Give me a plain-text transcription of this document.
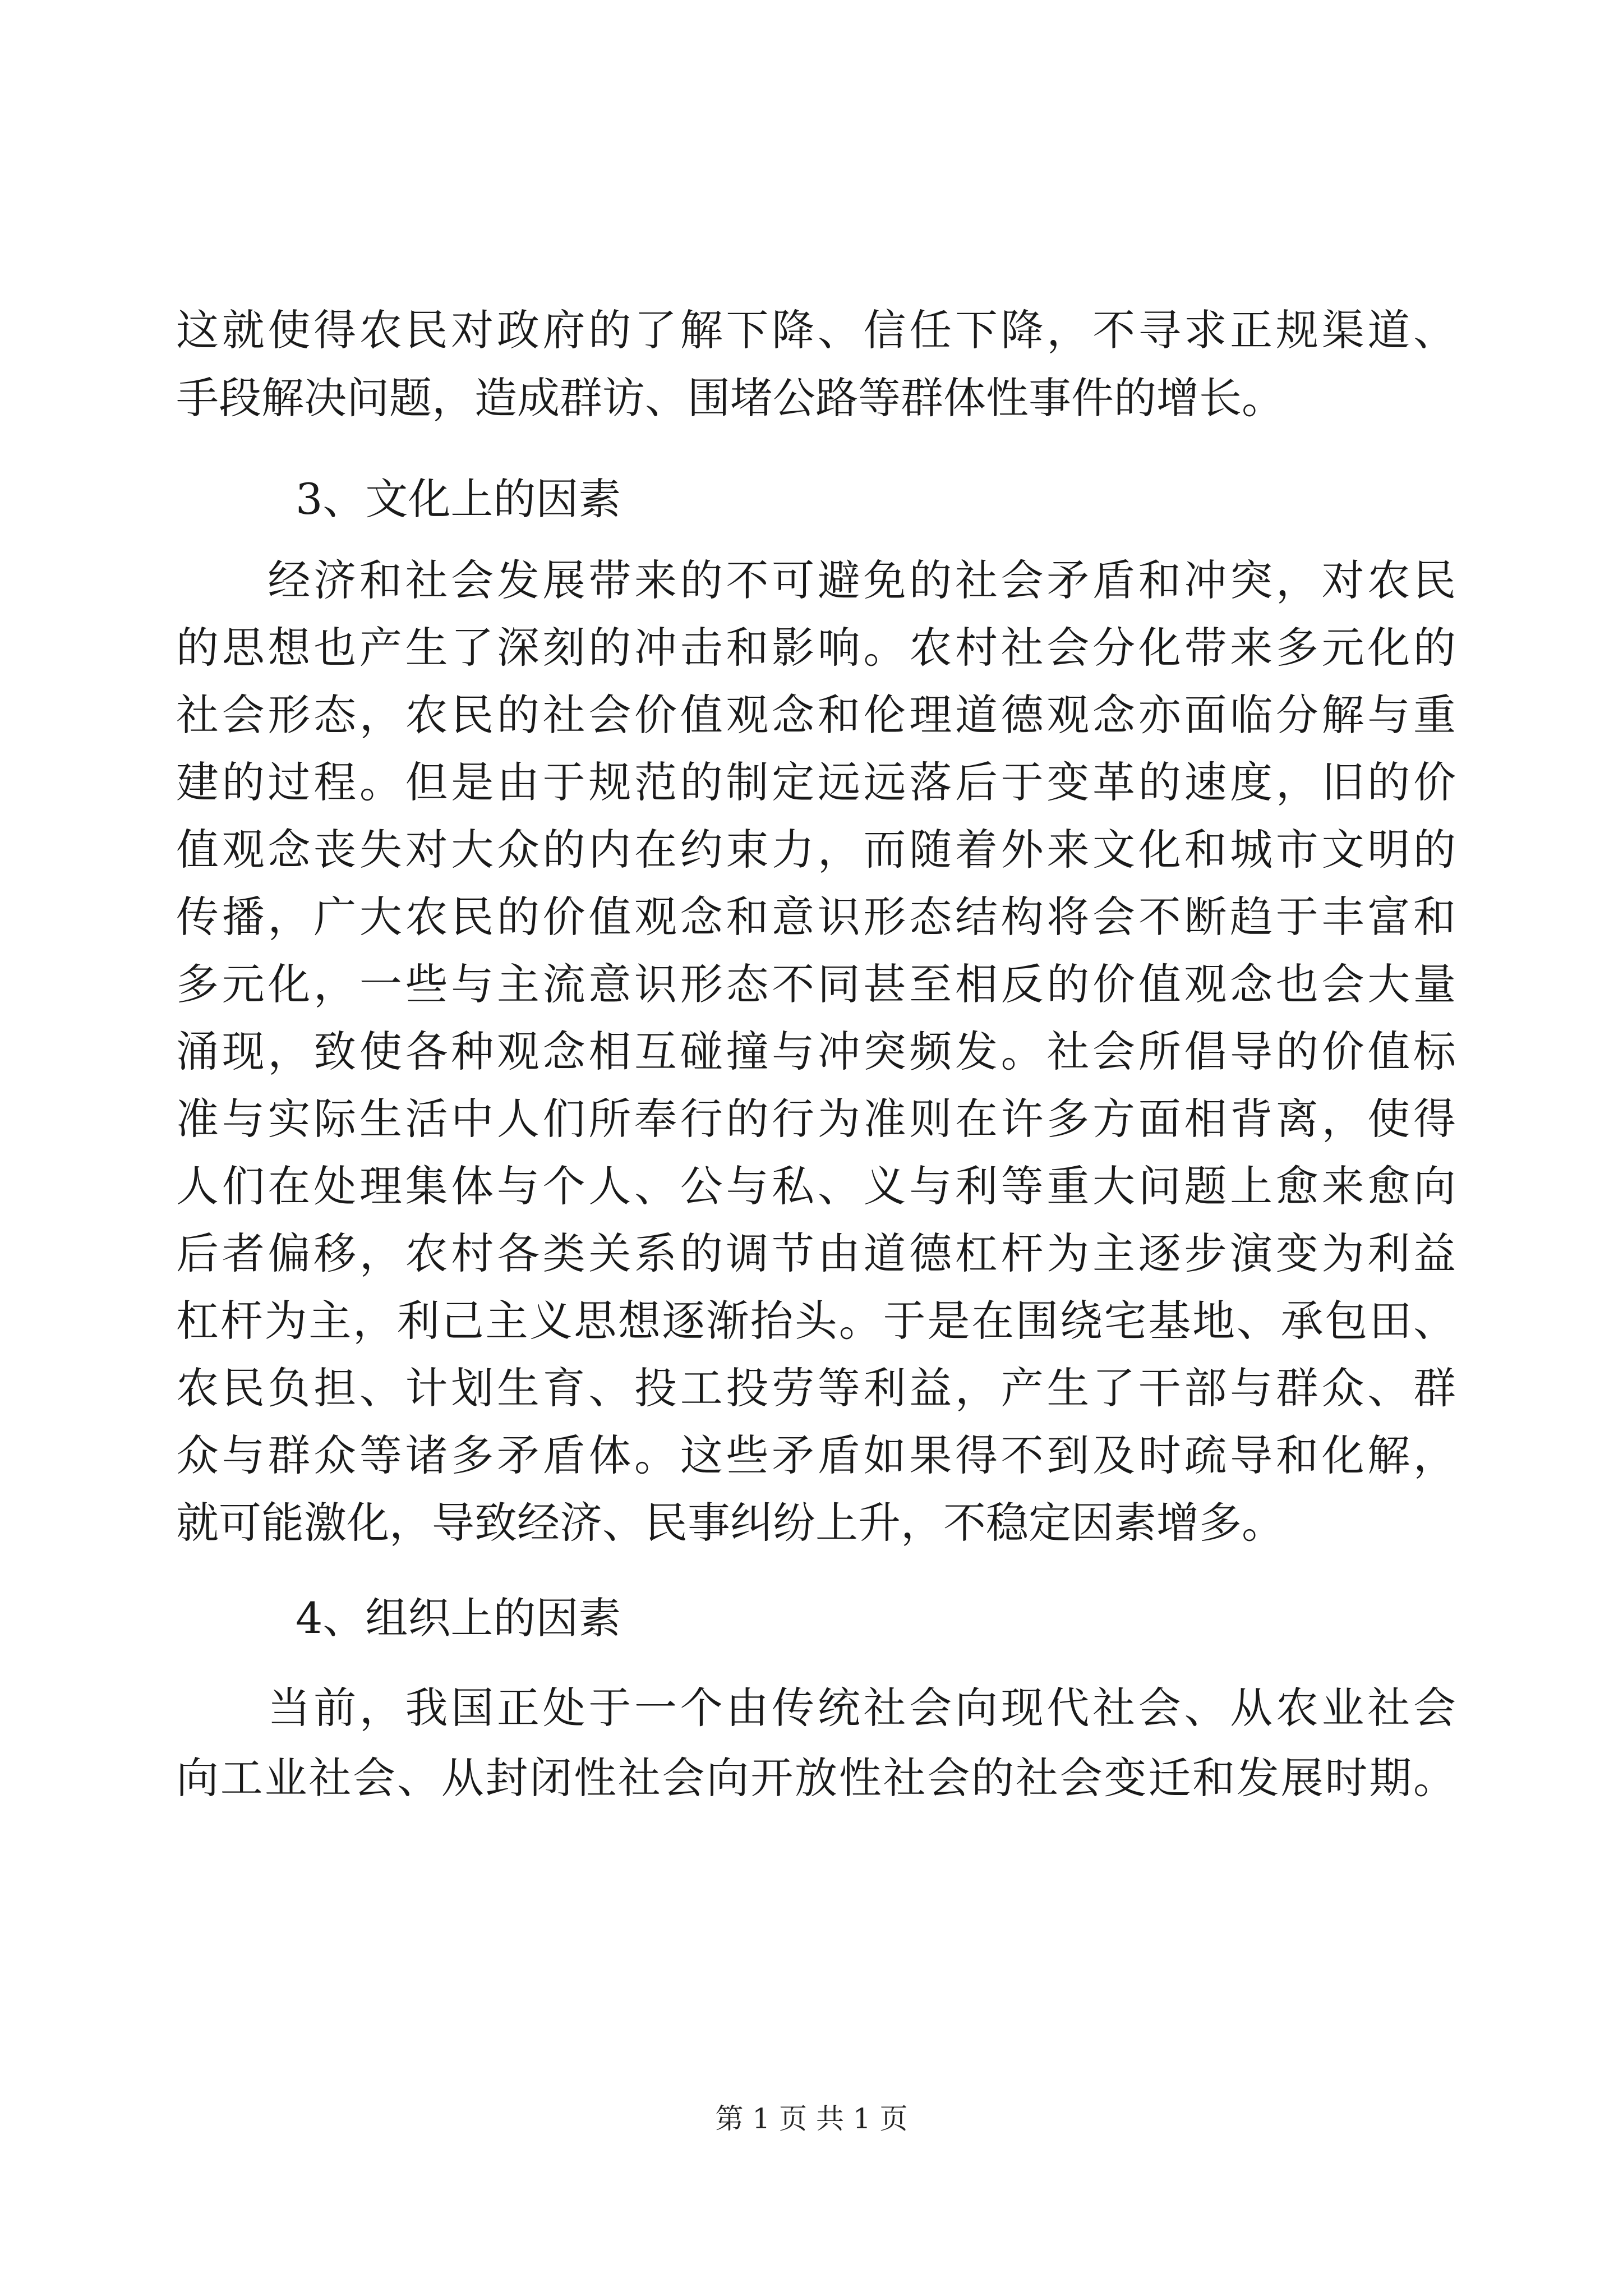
这就使得农民对政府的了解下降、信任下降，不寻求正规渠道、
手段解决问题，造成群访、围堵公路等群体性事件的增长。
3、文化上的因素
　　经济和社会发展带来的不可避免的社会矛盾和冲突，对农民
的思想也产生了深刻的冲击和影响。农村社会分化带来多元化的
社会形态，农民的社会价值观念和伦理道德观念亦面临分解与重
建的过程。但是由于规范的制定远远落后于变革的速度，旧的价
值观念丧失对大众的内在约束力，而随着外来文化和城市文明的
传播，广大农民的价值观念和意识形态结构将会不断趋于丰富和
多元化，一些与主流意识形态不同甚至相反的价值观念也会大量
涌现，致使各种观念相互碰撞与冲突频发。社会所倡导的价值标
准与实际生活中人们所奉行的行为准则在许多方面相背离，使得
人们在处理集体与个人、公与私、义与利等重大问题上愈来愈向
后者偏移，农村各类关系的调节由道德杠杆为主逐步演变为利益
杠杆为主，利己主义思想逐渐抬头。于是在围绕宅基地、承包田、
农民负担、计划生育、投工投劳等利益，产生了干部与群众、群
众与群众等诸多矛盾体。这些矛盾如果得不到及时疏导和化解，
就可能激化，导致经济、民事纠纷上升，不稳定因素增多。
4、组织上的因素
　　当前，我国正处于一个由传统社会向现代社会、从农业社会
向工业社会、从封闭性社会向开放性社会的社会变迁和发展时期。
第 1 页 共 1 页
